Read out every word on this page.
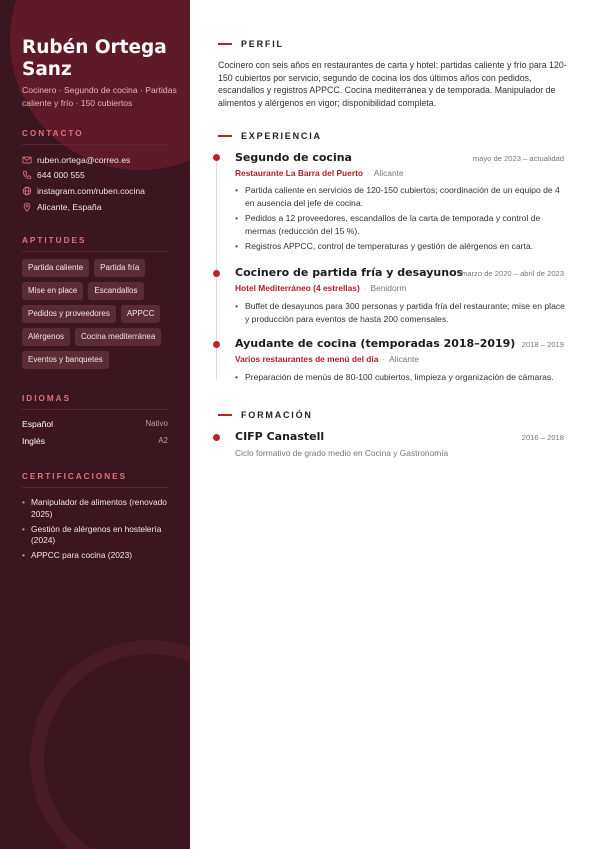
Rubén Ortega
Sanz
Cocinero · Segundo de cocina · Partidas caliente y frío · 150 cubiertos
CONTACTO
ruben.ortega@correo.es
644 000 555
instagram.com/ruben.cocina
Alicante, España
APTITUDES
Partida caliente	Partida fría
Mise en place	Escandallos
Pedidos y proveedores	APPCC
Alérgenos	Cocina mediterránea
Eventos y banquetes
IDIOMAS
Español	Nativo
Inglés	A2
CERTIFICACIONES
• Manipulador de alimentos (renovado 2025)
• Gestión de alérgenos en hostelería (2024)
• APPCC para cocina (2023)
PERFIL

Cocinero con seis años en restaurantes de carta y hotel: partidas caliente y frío para 120-150 cubiertos por servicio, segundo de cocina los dos últimos años con pedidos, escandallos y registros APPCC. Cocina mediterránea y de temporada. Manipulador de alimentos y alérgenos en vigor; disponibilidad completa.

EXPERIENCIA
Segundo de cocina	mayo de 2023 – actualidad
Restaurante La Barra del Puerto · Alicante
• Partida caliente en servicios de 120-150 cubiertos; coordinación de un equipo de 4 en ausencia del jefe de cocina.
• Pedidos a 12 proveedores, escandallos de la carta de temporada y control de mermas (reducción del 15 %).
• Registros APPCC, control de temperaturas y gestión de alérgenos en carta.
Cocinero de partida fría y desayunos
marzo de 2020 – abril de 2023
Hotel Mediterráneo (4 estrellas) · Benidorm
• Buffet de desayunos para 300 personas y partida fría del restaurante; mise en place y producción para eventos de hasta 200 comensales.
Ayudante de cocina (temporadas 2018–2019) 2018 – 2019
Varios restaurantes de menú del día · Alicante
• Preparación de menús de 80-100 cubiertos, limpieza y organización de cámaras.
FORMACIÓN
CIFP Canastell	2016 – 2018
Ciclo formativo de grado medio en Cocina y Gastronomía
